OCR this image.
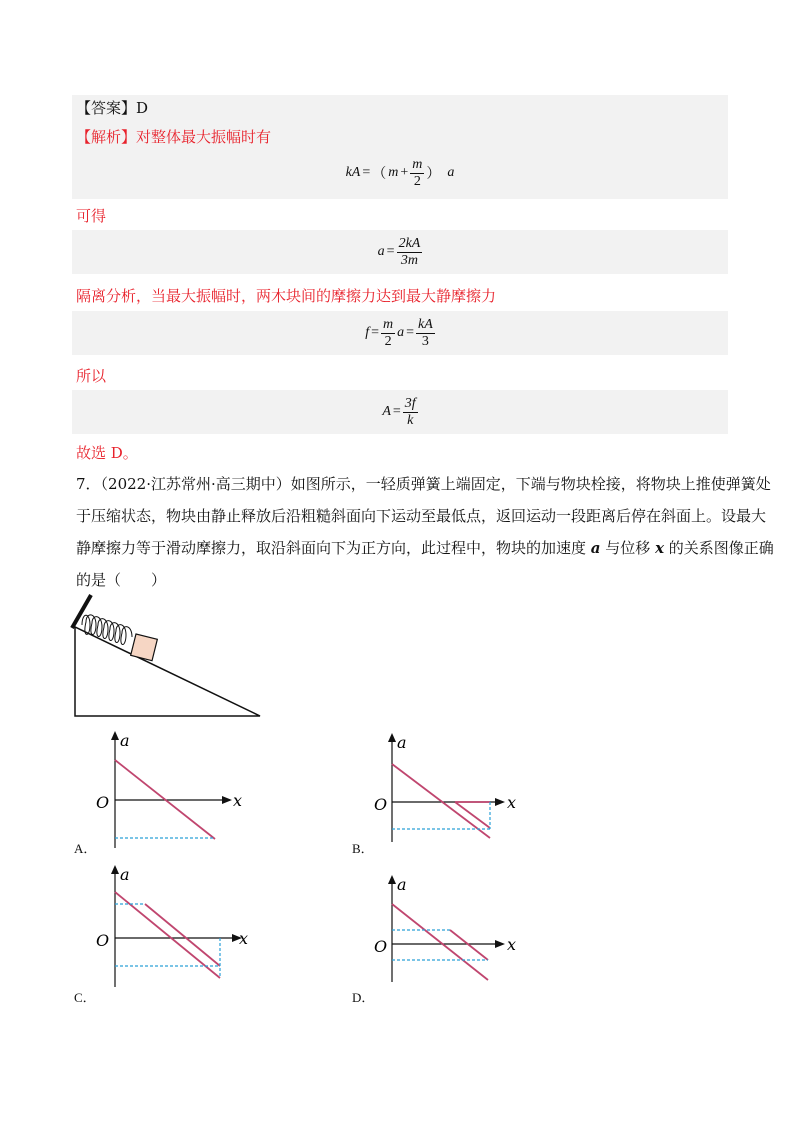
【答案】D
【解析】对整体最大振幅时有
kA = （ $m + \frac{m}{2}$ ） a
可得
$a = \frac{2kA}{3m}$
隔离分析，当最大振幅时，两木块间的摩擦力达到最大静摩擦力
$f = \frac{m}{2}$ $a = \frac{kA}{3}$
所以
$A = \frac{3f}{k}$
故选 D。
7．（2022·江苏常州·高三期中）如图所示，一轻质弹簧上端固定，下端与物块栓接，将物块上推使弹簧处
于压缩状态，物块由静止释放后沿粗糙斜面向下运动至最低点，返回运动一段距离后停在斜面上。设最大
静摩擦力等于滑动摩擦力，取沿斜面向下为正方向，此过程中，物块的加速度 a 与位移 x 的关系图像正确
的是（　　）
a
x
O
A．
a
x
O
B．
a
x
O
C．
a
x
O
D．
